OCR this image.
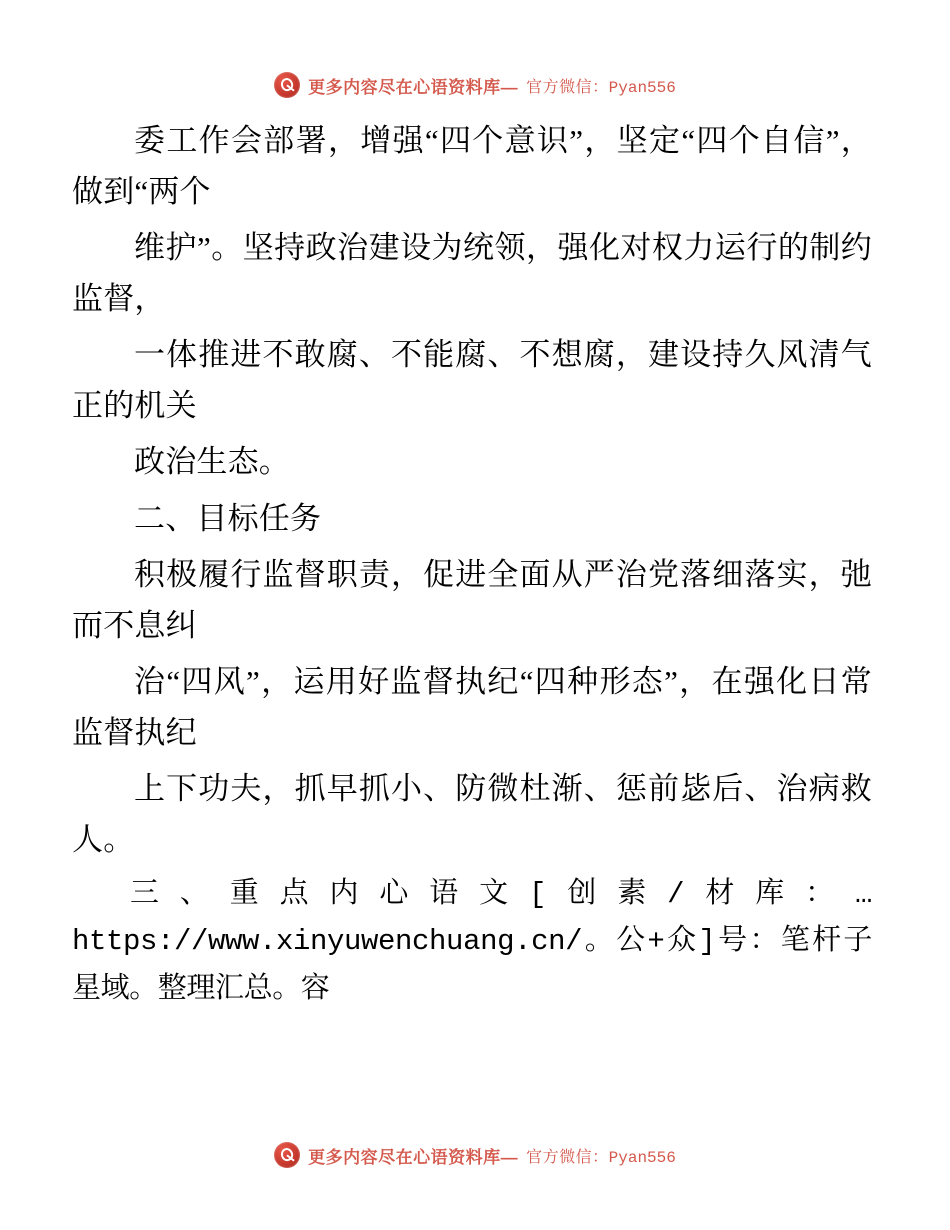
更多内容尽在心语资料库— 官方微信：Pyan556

委工作会部署，增强“四个意识”，坚定“四个自信”，做到“两个

维护”。坚持政治建设为统领，强化对权力运行的制约监督，

一体推进不敢腐、不能腐、不想腐，建设持久风清气正的机关

政治生态。

二、目标任务

积极履行监督职责，促进全面从严治党落细落实，弛而不息纠

治“四风”，运用好监督执纪“四种形态”，在强化日常监督执纪

上下功夫，抓早抓小、防微杜渐、惩前毖后、治病救人。

三、重点内心语文[创素/材库：…https://www.xinyuwenchuang.cn/。公+众]号：笔杆子星域。整理汇总。容

更多内容尽在心语资料库— 官方微信：Pyan556
